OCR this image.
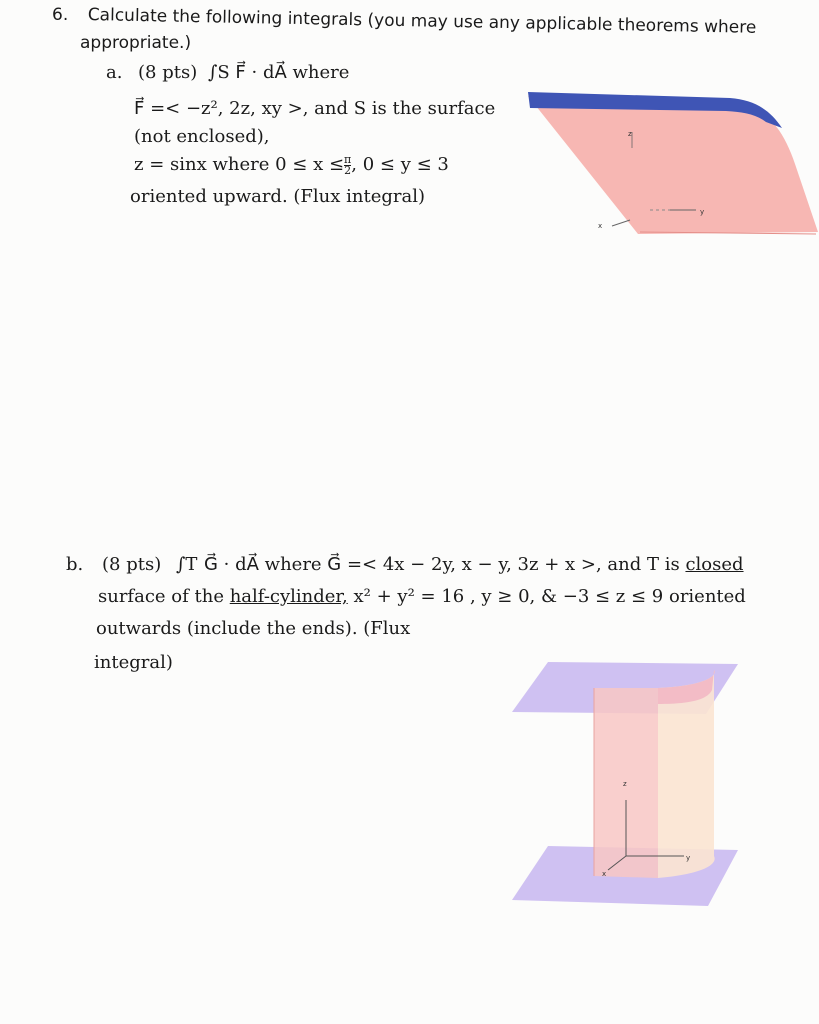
6. Calculate the following integrals (you may use any applicable theorems where
appropriate.)
a. (8 pts) ∫S F⃗ · dA⃗ where
F⃗ =< −z², 2z, xy >, and S is the surface
(not enclosed),
z = sinx where $0 \le x \le \frac{\pi}{2}$ , 0 ≤ y ≤ 3
oriented upward. (Flux integral)
z
x
y
b. (8 pts) ∫T G⃗ · dA⃗ where G⃗ =< 4x − 2y, x − y, 3z + x >, and T is closed
surface of the half-cylinder, x² + y² = 16 , y ≥ 0, & −3 ≤ z ≤ 9 oriented
outwards (include the ends). (Flux
integral)
z
x
y
